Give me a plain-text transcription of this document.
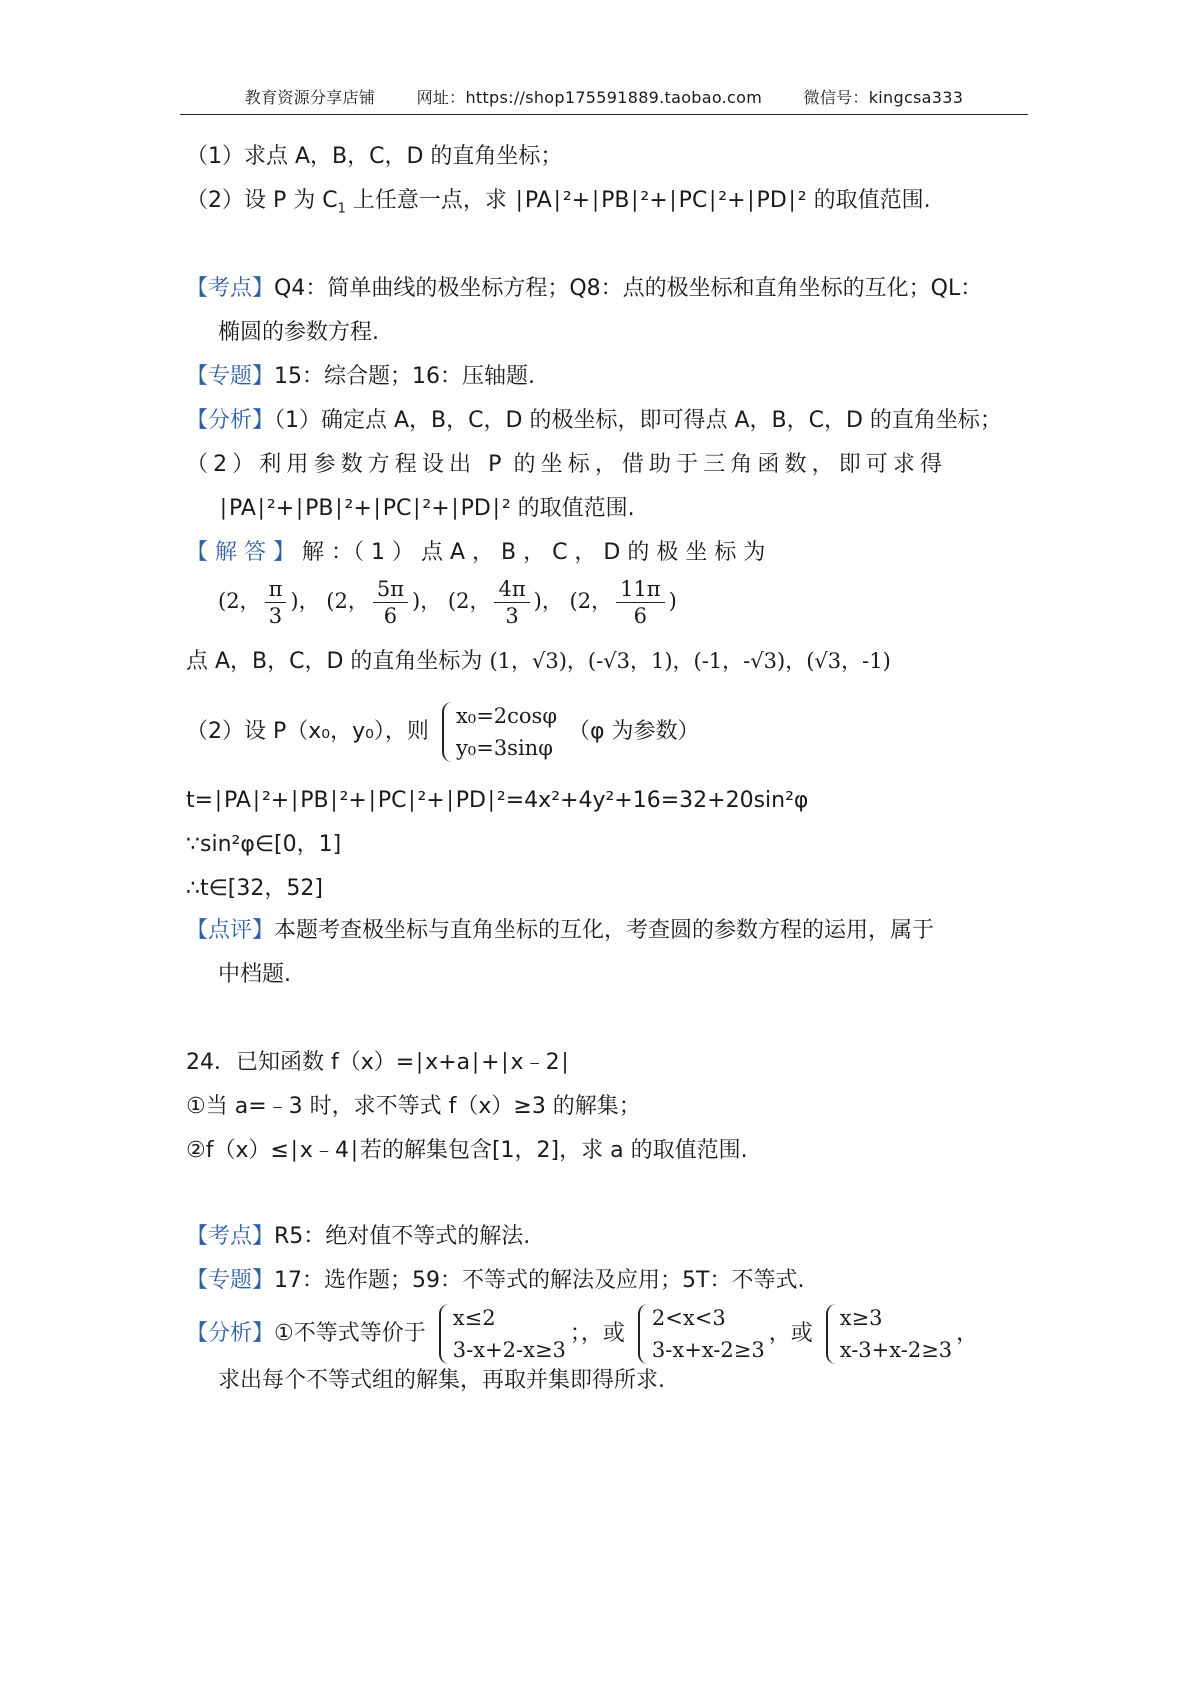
教育资源分享店铺	网址：https://shop175591889.taobao.com	微信号：kingcsa333
（1）求点 A，B，C，D 的直角坐标；
（2）设 P 为 $C_1$ 上任意一点，求 ∣PA∣²+∣PB∣²+∣PC∣²+∣PD∣² 的取值范围.
【考点】Q4：简单曲线的极坐标方程；Q8：点的极坐标和直角坐标的互化；QL：
椭圆的参数方程.
【专题】15：综合题；16：压轴题.
【分析】（1）确定点 A，B，C，D 的极坐标，即可得点 A，B，C，D 的直角坐标；
（2）利用参数方程设出 P 的坐标，借助于三角函数，即可求得
∣PA∣²+∣PB∣²+∣PC∣²+∣PD∣² 的取值范围.
【 解 答 】 解 ：（ 1 ） 点 A ， B ， C ， D 的 极 坐 标 为
(2， $\frac{\pi}{3}$ )， (2， $\frac{5\pi}{6}$ )， (2， $\frac{4\pi}{3}$ )， (2， $\frac{11\pi}{6}$ )
点 A，B，C，D 的直角坐标为 (1，√3)，(-√3，1)，(-1，-√3)，(√3，-1)
（2）设 P（x₀，y₀），则
x₀=2cosφ
y₀=3sinφ
（φ 为参数）
t=∣PA∣²+∣PB∣²+∣PC∣²+∣PD∣²=4x²+4y²+16=32+20sin²φ
∵sin²φ∈[0，1]
∴t∈[32，52]
【点评】本题考查极坐标与直角坐标的互化，考查圆的参数方程的运用，属于
中档题.
24．已知函数 f（x）=∣x+a∣+∣x﹣2∣
①当 a=﹣3 时，求不等式 f（x）≥3 的解集；
②f（x）≤∣x﹣4∣若的解集包含[1，2]，求 a 的取值范围.
【考点】R5：绝对值不等式的解法.
【专题】17：选作题；59：不等式的解法及应用；5T：不等式.
【分析】①不等式等价于
x≤2
3-x+2-x≥3
；，或
2<x<3
3-x+x-2≥3
，或
x≥3
x-3+x-2≥3
，
求出每个不等式组的解集，再取并集即得所求.
